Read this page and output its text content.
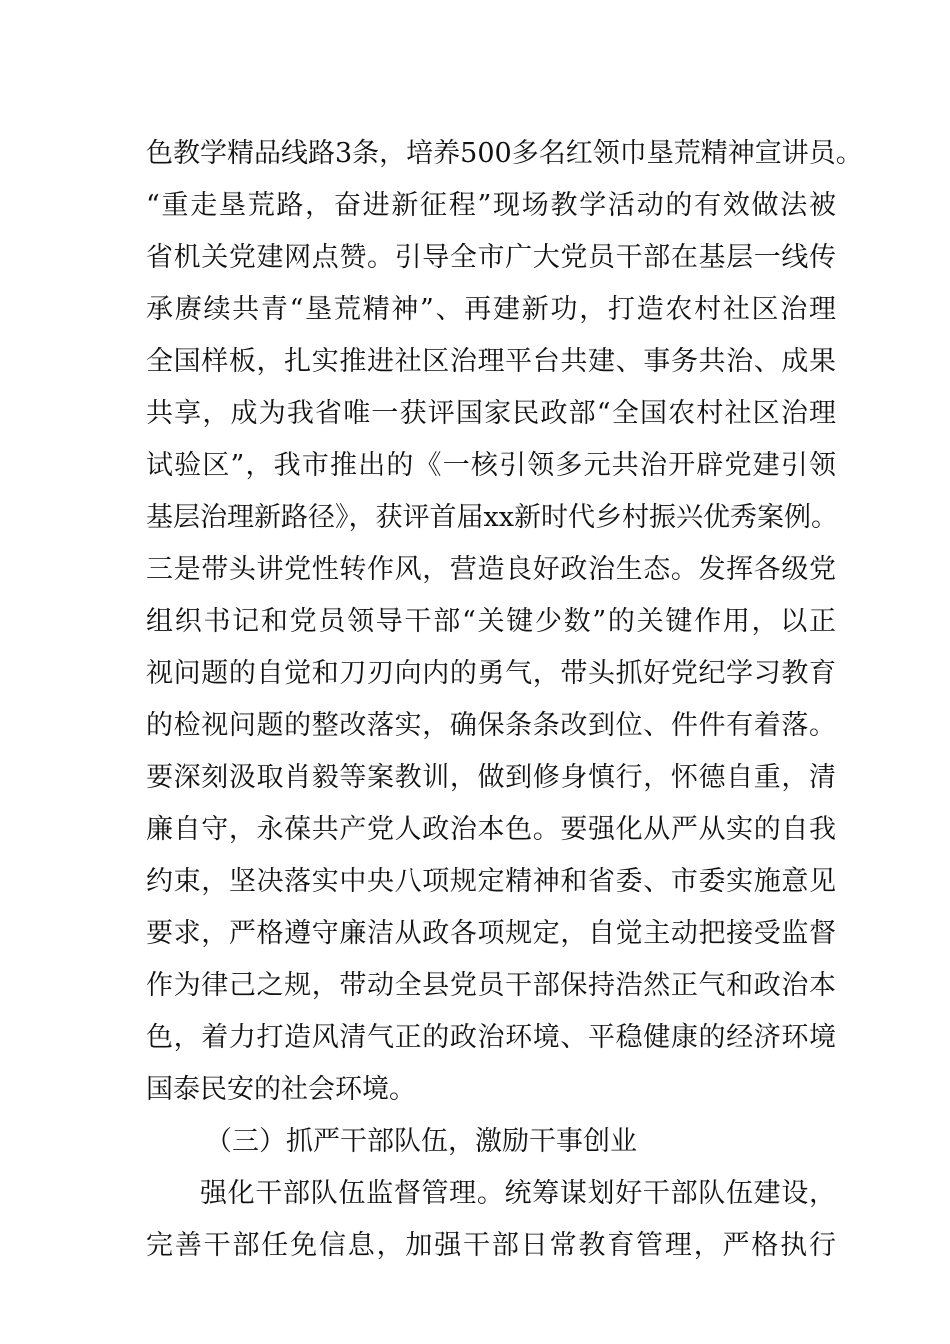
色教学精品线路3条，培养500多名红领巾垦荒精神宣讲员。
“重走垦荒路，奋进新征程”现场教学活动的有效做法被
省机关党建网点赞。引导全市广大党员干部在基层一线传
承赓续共青“垦荒精神”、再建新功，打造农村社区治理
全国样板，扎实推进社区治理平台共建、事务共治、成果
共享，成为我省唯一获评国家民政部“全国农村社区治理
试验区”，我市推出的《一核引领多元共治开辟党建引领
基层治理新路径》，获评首届xx新时代乡村振兴优秀案例。
三是带头讲党性转作风，营造良好政治生态。发挥各级党
组织书记和党员领导干部“关键少数”的关键作用，以正
视问题的自觉和刀刃向内的勇气，带头抓好党纪学习教育
的检视问题的整改落实，确保条条改到位、件件有着落。
要深刻汲取肖毅等案教训，做到修身慎行，怀德自重，清
廉自守，永葆共产党人政治本色。要强化从严从实的自我
约束，坚决落实中央八项规定精神和省委、市委实施意见
要求，严格遵守廉洁从政各项规定，自觉主动把接受监督
作为律己之规，带动全县党员干部保持浩然正气和政治本
色，着力打造风清气正的政治环境、平稳健康的经济环境
国泰民安的社会环境。
（三）抓严干部队伍，激励干事创业
强化干部队伍监督管理。统筹谋划好干部队伍建设，
完善干部任免信息，加强干部日常教育管理，严格执行
